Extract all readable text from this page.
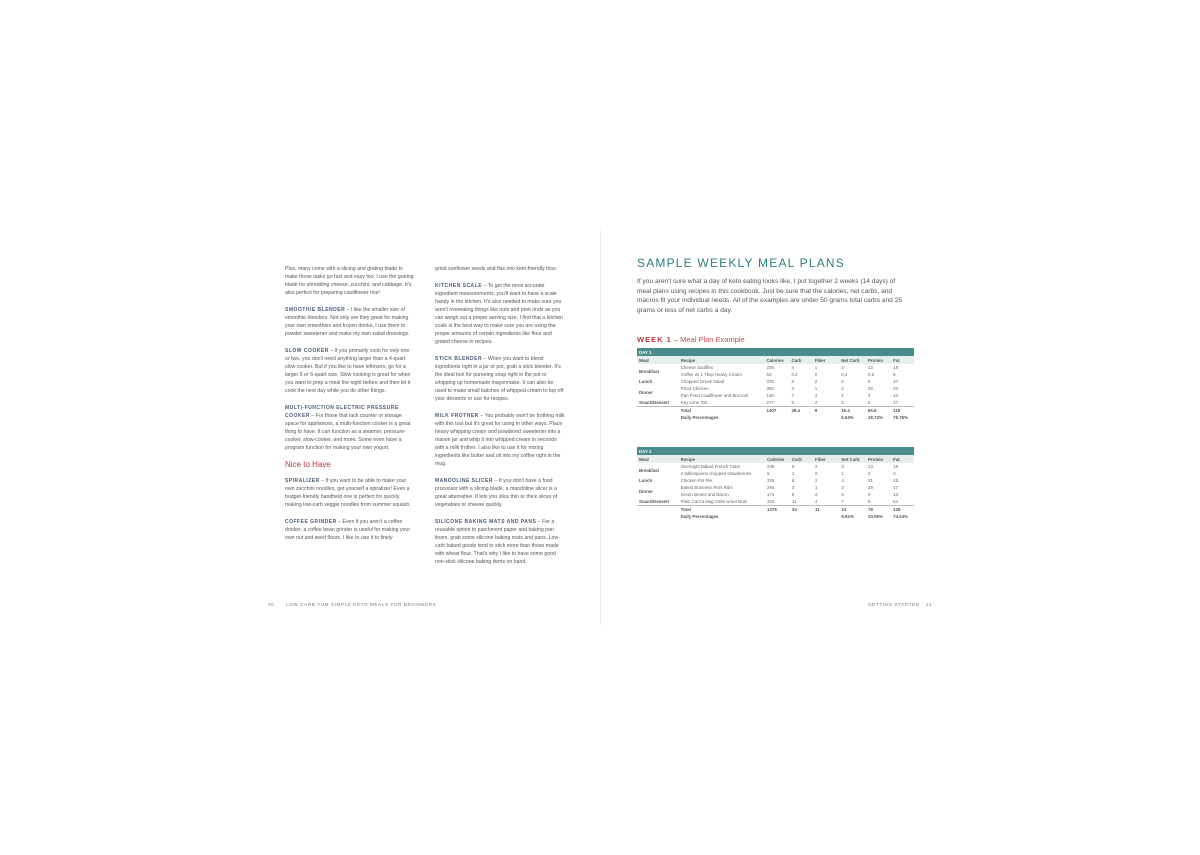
Plus, many come with a slicing and grating blade to make those tasks go fast and easy too. I use the grating blade for shredding cheese, zucchini, and cabbage. It's also perfect for preparing cauliflower rice!

SMOOTHIE BLENDER – I like the smaller size of smoothie blenders. Not only are they great for making your own smoothies and frozen drinks, I use them to powder sweetener and make my own salad dressings.

SLOW COOKER – If you primarily cook for only one or two, you don't need anything larger than a 4-quart slow cooker. But if you like to have leftovers, go for a larger 5 or 6-quart size. Slow cooking is great for when you want to prep a meal the night before and then let it cook the next day while you do other things.

MULTI-FUNCTION ELECTRIC PRESSURE COOKER – For those that lack counter or storage space for appliances, a multi-function cooker is a great thing to have. It can function as a steamer, pressure-cooker, slow-cooker, and more. Some even have a program function for making your own yogurt.

Nice to Have

SPIRALIZER – If you want to be able to make your own zucchini noodles, get yourself a spiralizer! Even a budget-friendly handheld one is perfect for quickly making low-carb veggie noodles from summer squash.

COFFEE GRINDER – Even if you aren't a coffee drinker, a coffee bean grinder is useful for making your own nut and seed flours. I like to use it to finely

grind sunflower seeds and flax into keto-friendly flour.

KITCHEN SCALE – To get the most accurate ingredient measurements, you'll want to have a scale handy in the kitchen. It's also needed to make sure you aren't overeating things like nuts and pork rinds as you can weigh out a proper serving size. I find that a kitchen scale is the best way to make sure you are using the proper amounts of certain ingredients like flour and grated cheese in recipes.

STICK BLENDER – When you want to blend ingredients right in a jar or pot, grab a stick blender. It's the ideal tool for pureeing soup right in the pot or whipping up homemade mayonnaise. It can also be used to make small batches of whipped cream to top off your desserts or use for recipes.

MILK FROTHER – You probably won't be frothing milk with this tool but it's great for using in other ways. Place heavy whipping cream and powdered sweetener into a mason jar and whip it into whipped cream in seconds with a milk frother. I also like to use it for mixing ingredients like butter and oil into my coffee right in the mug.

MANDOLINE SLICER – If you don't have a food processor with a slicing blade, a mandoline slicer is a great alternative. It lets you slice thin or thick slices of vegetables or cheese quickly.

SILICONE BAKING MATS AND PANS – For a reusable option to parchment paper and baking pan liners, grab some silicone baking mats and pans. Low-carb baked goods tend to stick more than those made with wheat flour. That's why I like to have some good non-stick silicone baking items on hand.

20	LOW CARB YUM SIMPLE KETO MEALS FOR BEGINNERS
SAMPLE WEEKLY MEAL PLANS
If you aren't sure what a day of keto eating looks like, I put together 2 weeks (14 days) of meal plans using recipes in this cookbook. Just be sure that the calories, net carbs, and macros fit your individual needs. All of the examples are under 50 grams total carbs and 25 grams or less of net carbs a day.
WEEK 1 – Meal Plan Example
DAY 1							
Meal	Recipe	Calories	Carb	Fiber	Net Carb	Protein	Fat
Breakfast	Cheese Soufflés	229	4	1	3	13	18
	Coffee w/ 1 Tbsp Heavy Cream	53	0.4	0	0.4	0.6	6
Lunch	Chopped Greek Salad	375	8	2	6	5	37
Dinner	Pizza Chicken	353	3	1	2	38	20
	Pan Fried Cauliflower and Broccoli	120	7	3	4	3	10
Snack/Dessert	Key Lime Tart	277	6	2	4	6	27
	Total	1407	28.4	9	19.4	65.6	118
	Daily Percentages				5.53%	18.72%	75.75%
DAY 2							
Meal	Recipe	Calories	Carb	Fiber	Net Carb	Protein	Fat
Breakfast	Overnight Baked French Toast	245	5	2	3	13	19
	2 tablespoons chopped strawberries	6	1	0	1	0	0
Lunch	Chicken Pot Pie	325	6	2	4	21	25
Dinner	Baked Boneless Pork Ribs	294	3	1	2	29	17
	Green Beans and Bacon	172	8	2	6	6	13
Snack/Dessert	Plain Carrot Mug Cake w/out Nuts	334	11	4	7	9	54
	Total	1376	34	11	23	78	128
	Daily Percentages				5.91%	20.05%	74.04%
GETTING STARTED 21
